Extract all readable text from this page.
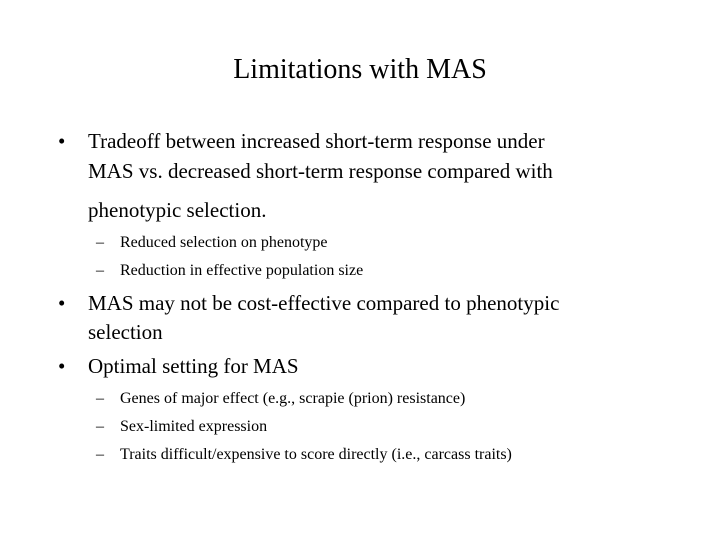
Limitations with MAS
•	Tradeoff between increased short-term response under
MAS vs. decreased short-term response compared with
phenotypic selection.
– Reduced selection on phenotype
– Reduction in effective population size
•	MAS may not be cost-effective compared to phenotypic
selection
•	Optimal setting for MAS
– Genes of major effect (e.g., scrapie (prion) resistance)
– Sex-limited expression
– Traits difficult/expensive to score directly (i.e., carcass traits)
